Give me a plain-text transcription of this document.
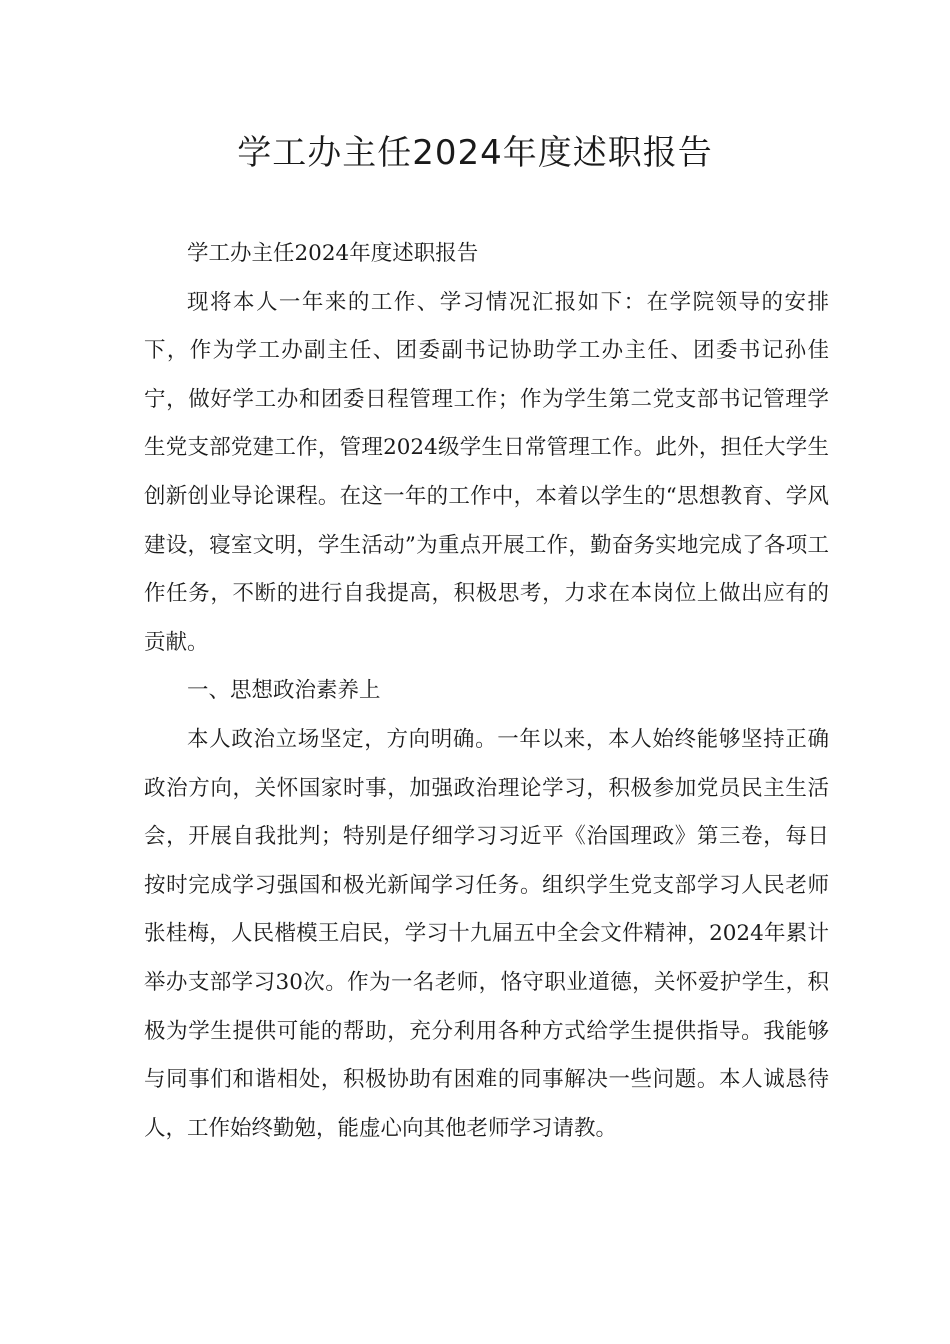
学工办主任2024年度述职报告

学工办主任2024年度述职报告

现将本人一年来的工作、学习情况汇报如下：在学院领导的安排下，作为学工办副主任、团委副书记协助学工办主任、团委书记孙佳宁，做好学工办和团委日程管理工作；作为学生第二党支部书记管理学生党支部党建工作，管理2024级学生日常管理工作。此外，担任大学生创新创业导论课程。在这一年的工作中，本着以学生的“思想教育、学风建设，寝室文明，学生活动”为重点开展工作，勤奋务实地完成了各项工作任务，不断的进行自我提高，积极思考，力求在本岗位上做出应有的贡献。

一、思想政治素养上

本人政治立场坚定，方向明确。一年以来，本人始终能够坚持正确政治方向，关怀国家时事，加强政治理论学习，积极参加党员民主生活会，开展自我批判；特别是仔细学习习近平《治国理政》第三卷，每日按时完成学习强国和极光新闻学习任务。组织学生党支部学习人民老师张桂梅，人民楷模王启民，学习十九届五中全会文件精神，2024年累计举办支部学习30次。作为一名老师，恪守职业道德，关怀爱护学生，积极为学生提供可能的帮助，充分利用各种方式给学生提供指导。我能够与同事们和谐相处，积极协助有困难的同事解决一些问题。本人诚恳待人，工作始终勤勉，能虚心向其他老师学习请教。
